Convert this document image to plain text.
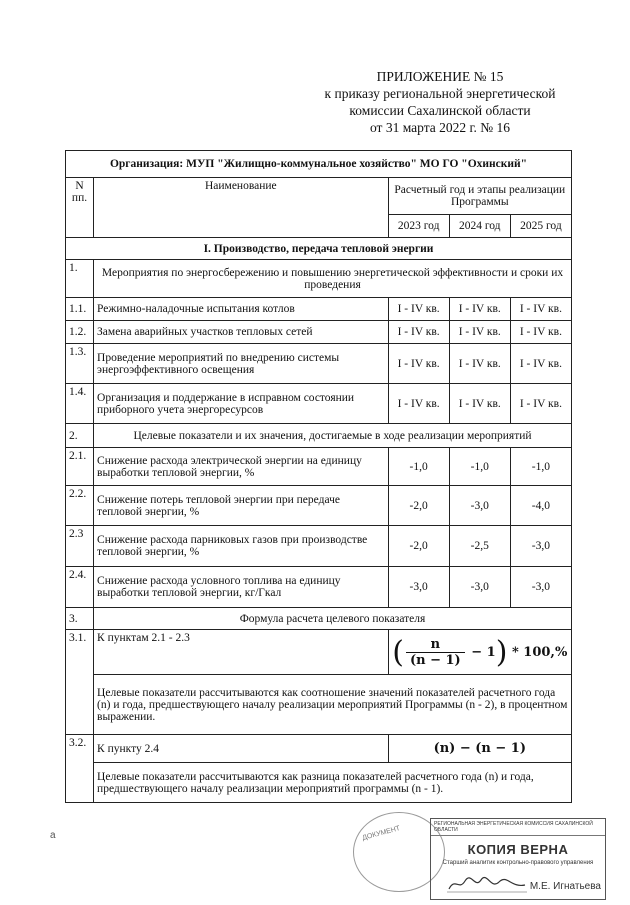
ПРИЛОЖЕНИЕ № 15
к приказу региональной энергетической
комиссии Сахалинской области
от 31 марта 2022 г. № 16
Организация: МУП "Жилищно-коммунальное хозяйство" МО ГО "Охинский"				
N пп.	Наименование	Расчетный год и этапы реализации Программы		
		2023 год	2024 год	2025 год
I. Производство, передача тепловой энергии				
1.	Мероприятия по энергосбережению и повышению энергетической эффективности и сроки их проведения			
1.1.	Режимно-наладочные испытания котлов	I - IV кв.	I - IV кв.	I - IV кв.
1.2.	Замена аварийных участков тепловых сетей	I - IV кв.	I - IV кв.	I - IV кв.
1.3.	Проведение мероприятий по внедрению системы энергоэффективного освещения	I - IV кв.	I - IV кв.	I - IV кв.
1.4.	Организация и поддержание в исправном состоянии приборного учета энергоресурсов	I - IV кв.	I - IV кв.	I - IV кв.
2.	Целевые показатели и их значения, достигаемые в ходе реализации мероприятий			
2.1.	Снижение расхода электрической энергии на единицу выработки тепловой энергии, %	-1,0	-1,0	-1,0
2.2.	Снижение потерь тепловой энергии при передаче тепловой энергии, %	-2,0	-3,0	-4,0
2.3	Снижение расхода парниковых газов при производстве тепловой энергии, %	-2,0	-2,5	-3,0
2.4.	Снижение расхода условного топлива на единицу выработки тепловой энергии, кг/Гкал	-3,0	-3,0	-3,0
3.	Формула расчета целевого показателя			
3.1.	К пунктам 2.1 - 2.3	( $\frac{n}{(n - 1)} - 1) * 100,\%$		
	Целевые показатели рассчитываются как соотношение значений показателей расчетного года (n) и года, предшествующего началу реализации мероприятий Программы (n - 2), в процентном выражении.			
3.2.	К пункту 2.4	(n) − (n − 1)		
	Целевые показатели рассчитываются как разница показателей расчетного года (n) и года, предшествующего началу реализации мероприятий программы (n - 1).			
ДОКУМЕНТ
РЕГИОНАЛЬНАЯ ЭНЕРГЕТИЧЕСКАЯ КОМИССИЯ САХАЛИНСКОЙ ОБЛАСТИ
КОПИЯ ВЕРНА
Старший аналитик контрольно-правового управления
М.Е. Игнатьева
a
